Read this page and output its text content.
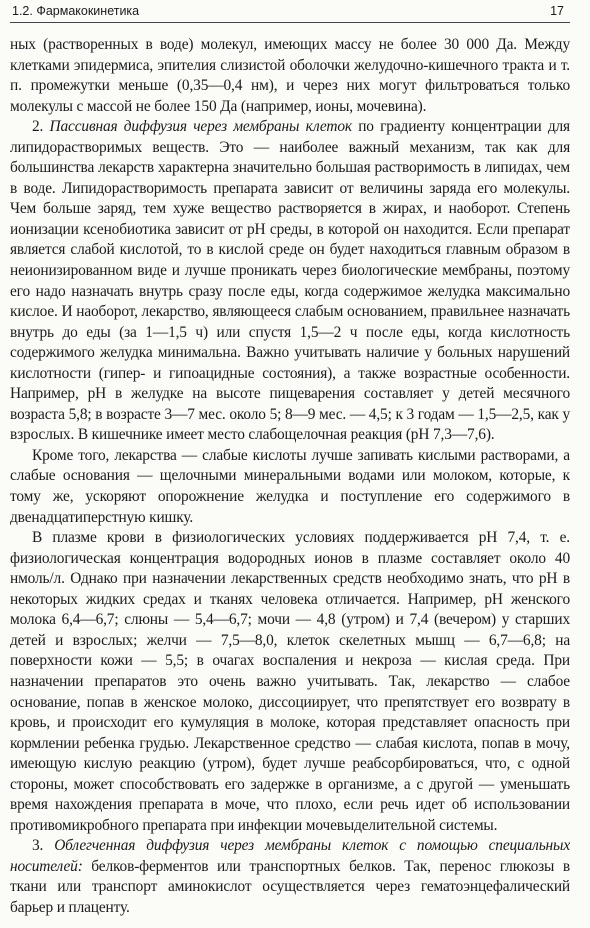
1.2. Фармакокинетика	17

ных (растворенных в воде) молекул, имеющих массу не более 30 000 Да. Между клетками эпидермиса, эпителия слизистой оболочки желудочно-кишечного тракта и т. п. промежутки меньше (0,35—0,4 нм), и через них могут фильтроваться только молекулы с массой не более 150 Да (например, ионы, мочевина).

2. Пассивная диффузия через мембраны клеток по градиенту концентрации для липидорастворимых веществ. Это — наиболее важный механизм, так как для большинства лекарств характерна значительно большая растворимость в липидах, чем в воде. Липидорастворимость препарата зависит от величины заряда его молекулы. Чем больше заряд, тем хуже вещество растворяется в жирах, и наоборот. Степень ионизации ксенобиотика зависит от pH среды, в которой он находится. Если препарат является слабой кислотой, то в кислой среде он будет находиться главным образом в неионизированном виде и лучше проникать через биологические мембраны, поэтому его надо назначать внутрь сразу после еды, когда содержимое желудка максимально кислое. И наоборот, лекарство, являющееся слабым основанием, правильнее назначать внутрь до еды (за 1—1,5 ч) или спустя 1,5—2 ч после еды, когда кислотность содержимого желудка минимальна. Важно учитывать наличие у больных нарушений кислотности (гипер- и гипоацидные состояния), а также возрастные особенности. Например, pH в желудке на высоте пищеварения составляет у детей месячного возраста 5,8; в возрасте 3—7 мес. около 5; 8—9 мес. — 4,5; к 3 годам — 1,5—2,5, как у взрослых. В кишечнике имеет место слабощелочная реакция (pH 7,3—7,6).

Кроме того, лекарства — слабые кислоты лучше запивать кислыми растворами, а слабые основания — щелочными минеральными водами или молоком, которые, к тому же, ускоряют опорожнение желудка и поступление его содержимого в двенадцатиперстную кишку.

В плазме крови в физиологических условиях поддерживается pH 7,4, т. е. физиологическая концентрация водородных ионов в плазме составляет около 40 нмоль/л. Однако при назначении лекарственных средств необходимо знать, что pH в некоторых жидких средах и тканях человека отличается. Например, pH женского молока 6,4—6,7; слюны — 5,4—6,7; мочи — 4,8 (утром) и 7,4 (вечером) у старших детей и взрослых; желчи — 7,5—8,0, клеток скелетных мышц — 6,7—6,8; на поверхности кожи — 5,5; в очагах воспаления и некроза — кислая среда. При назначении препаратов это очень важно учитывать. Так, лекарство — слабое основание, попав в женское молоко, диссоциирует, что препятствует его возврату в кровь, и происходит его кумуляция в молоке, которая представляет опасность при кормлении ребенка грудью. Лекарственное средство — слабая кислота, попав в мочу, имеющую кислую реакцию (утром), будет лучше реабсорбироваться, что, с одной стороны, может способствовать его задержке в организме, а с другой — уменьшать время нахождения препарата в моче, что плохо, если речь идет об использовании противомикробного препарата при инфекции мочевыделительной системы.

3. Облегченная диффузия через мембраны клеток с помощью специальных носителей: белков-ферментов или транспортных белков. Так, перенос глюкозы в ткани или транспорт аминокислот осуществляется через гематоэнцефалический барьер и плаценту.
